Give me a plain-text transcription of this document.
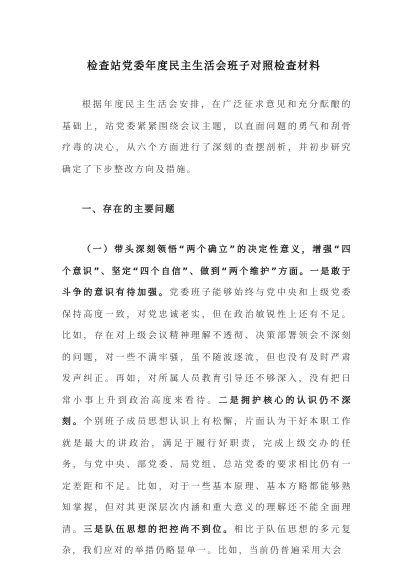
检查站党委年度民主生活会班子对照检查材料

根据年度民主生活会安排，在广泛征求意见和充分酝酿的基础上，站党委紧紧围绕会议主题，以直面问题的勇气和刮骨疗毒的决心，从六个方面进行了深刻的查摆剖析，并初步研究确定了下步整改方向及措施。

一、存在的主要问题

（一）带头深刻领悟“两个确立”的决定性意义，增强“四个意识”、坚定“四个自信”、做到“两个维护”方面。一是敢于斗争的意识有待加强。党委班子能够始终与党中央和上级党委保持高度一致，对党忠诚老实，但在政治敏锐性上还有不足。比如，存在对上级会议精神理解不透彻、决策部署领会不深刻的问题，对一些不满牢骚，虽不随波逐流，但也没有及时严肃发声纠正。再如，对所属人员教育引导还不够深入，没有把日常小事上升到政治高度来看待。二是拥护核心的认识仍不深刻。个别班子成员思想认识上有松懈，片面认为干好本职工作就是最大的讲政治，满足于履行好职责，完成上级交办的任务，与党中央、部党委、局党组、总站党委的要求相比仍有一定差距和不足。比如，对于一些基本原理、基本方略都能够熟知掌握，但对其更深层次内涵和重大意义的理解还不能全面理清。三是队伍思想的把控尚不到位。相比于队伍思想的多元复杂，我们应对的举措仍略显单一。比如，当前仍普遍采用大会
